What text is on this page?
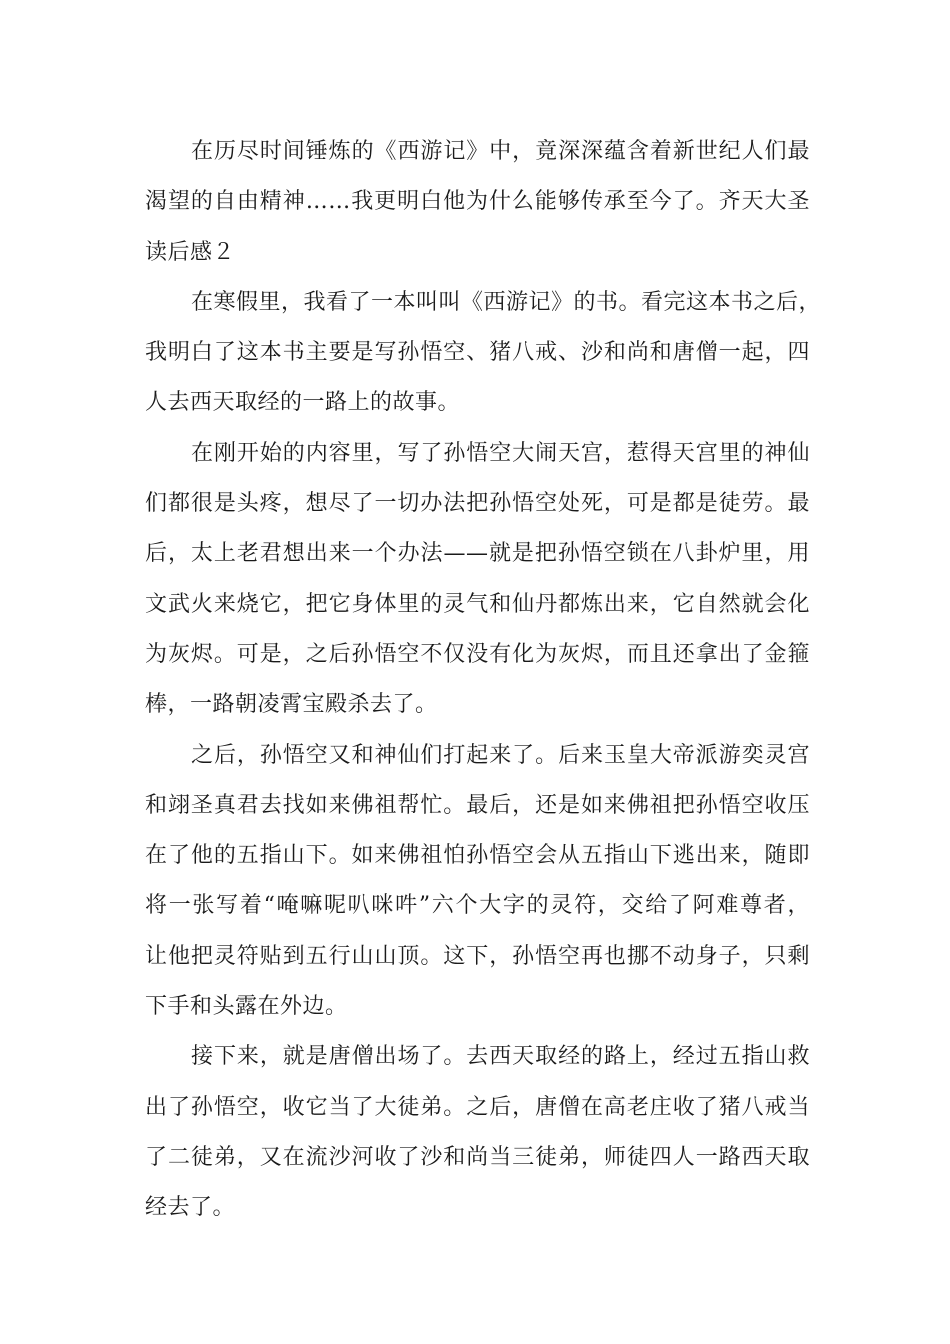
在历尽时间锤炼的《西游记》中，竟深深蕴含着新世纪人们最
渴望的自由精神……我更明白他为什么能够传承至今了。齐天大圣
读后感２
在寒假里，我看了一本叫叫《西游记》的书。看完这本书之后，
我明白了这本书主要是写孙悟空、猪八戒、沙和尚和唐僧一起，四
人去西天取经的一路上的故事。
在刚开始的内容里，写了孙悟空大闹天宫，惹得天宫里的神仙
们都很是头疼，想尽了一切办法把孙悟空处死，可是都是徒劳。最
后，太上老君想出来一个办法——就是把孙悟空锁在八卦炉里，用
文武火来烧它，把它身体里的灵气和仙丹都炼出来，它自然就会化
为灰烬。可是，之后孙悟空不仅没有化为灰烬，而且还拿出了金箍
棒，一路朝凌霄宝殿杀去了。
之后，孙悟空又和神仙们打起来了。后来玉皇大帝派游奕灵宫
和翊圣真君去找如来佛祖帮忙。最后，还是如来佛祖把孙悟空收压
在了他的五指山下。如来佛祖怕孙悟空会从五指山下逃出来，随即
将一张写着“唵嘛呢叭咪吽”六个大字的灵符，交给了阿难尊者，
让他把灵符贴到五行山山顶。这下，孙悟空再也挪不动身子，只剩
下手和头露在外边。
接下来，就是唐僧出场了。去西天取经的路上，经过五指山救
出了孙悟空，收它当了大徒弟。之后，唐僧在高老庄收了猪八戒当
了二徒弟，又在流沙河收了沙和尚当三徒弟，师徒四人一路西天取
经去了。
